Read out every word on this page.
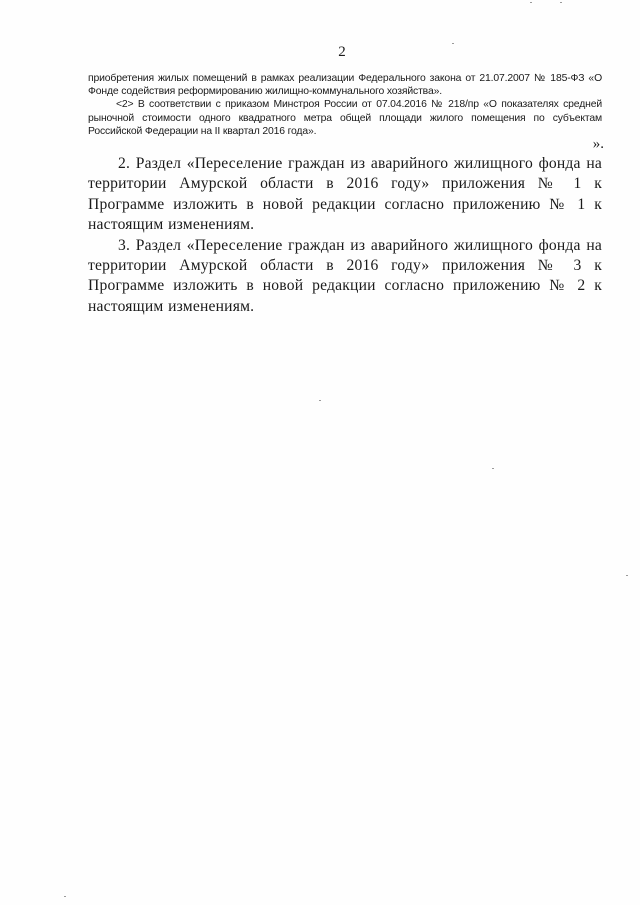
2

приобретения жилых помещений в рамках реализации Федерального закона от 21.07.2007 № 185-ФЗ «О Фонде содействия реформированию жилищно-коммунального хозяйства».

<2> В соответствии с приказом Минстроя России от 07.04.2016 № 218/пр «О показателях средней рыночной стоимости одного квадратного метра общей площади жилого помещения по субъектам Российской Федерации на II квартал 2016 года».

».

2. Раздел «Переселение граждан из аварийного жилищного фонда на территории Амурской области в 2016 году» приложения № 1 к Программе изложить в новой редакции согласно приложению № 1 к настоящим изменениям.

3. Раздел «Переселение граждан из аварийного жилищного фонда на территории Амурской области в 2016 году» приложения № 3 к Программе изложить в новой редакции согласно приложению № 2 к настоящим изменениям.
